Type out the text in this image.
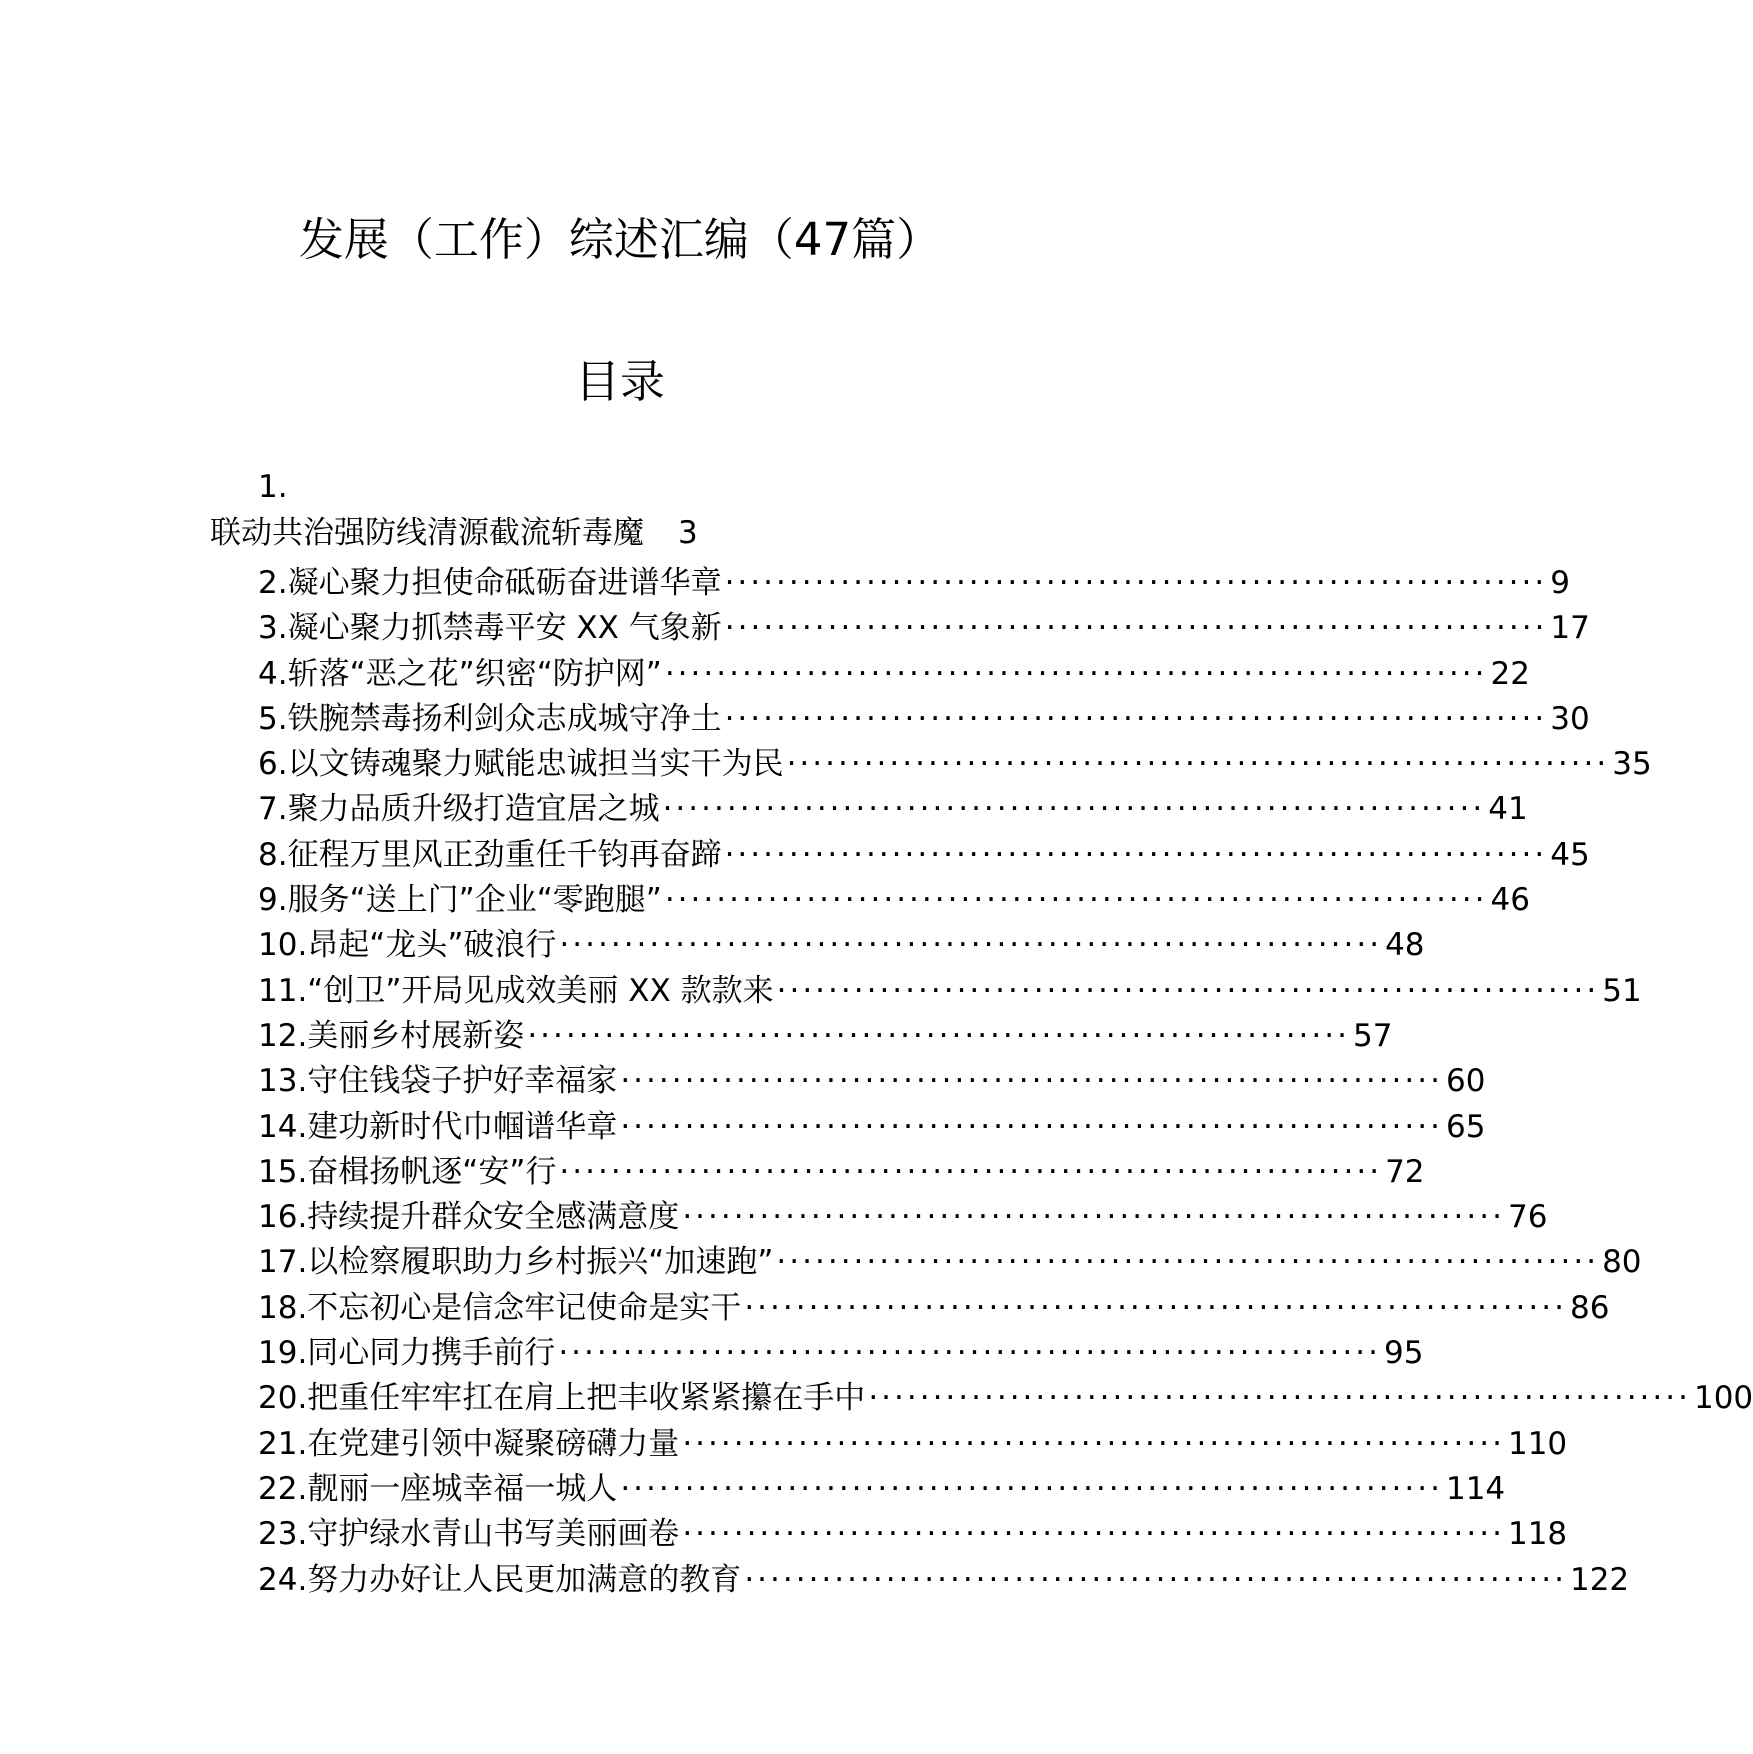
发展（工作）综述汇编（47篇）
目录
1.
联动共治强防线清源截流斩毒魔 3
2.凝心聚力担使命砥砺奋进谱华章 ································································ 9
3.凝心聚力抓禁毒平安 XX 气象新 ································································ 17
4.斩落“恶之花”织密“防护网” ································································ 22
5.铁腕禁毒扬利剑众志成城守净土 ································································ 30
6.以文铸魂聚力赋能忠诚担当实干为民 ································································ 35
7.聚力品质升级打造宜居之城 ································································ 41
8.征程万里风正劲重任千钧再奋蹄 ································································ 45
9.服务“送上门”企业“零跑腿” ································································ 46
10.昂起“龙头”破浪行 ································································ 48
11.“创卫”开局见成效美丽 XX 款款来 ································································ 51
12.美丽乡村展新姿 ································································ 57
13.守住钱袋子护好幸福家 ································································ 60
14.建功新时代巾帼谱华章 ································································ 65
15.奋楫扬帆逐“安”行 ································································ 72
16.持续提升群众安全感满意度 ································································ 76
17.以检察履职助力乡村振兴“加速跑” ································································ 80
18.不忘初心是信念牢记使命是实干 ································································ 86
19.同心同力携手前行 ································································ 95
20.把重任牢牢扛在肩上把丰收紧紧攥在手中 ································································ 100
21.在党建引领中凝聚磅礴力量 ································································ 110
22.靓丽一座城幸福一城人 ································································ 114
23.守护绿水青山书写美丽画卷 ································································ 118
24.努力办好让人民更加满意的教育 ································································ 122
